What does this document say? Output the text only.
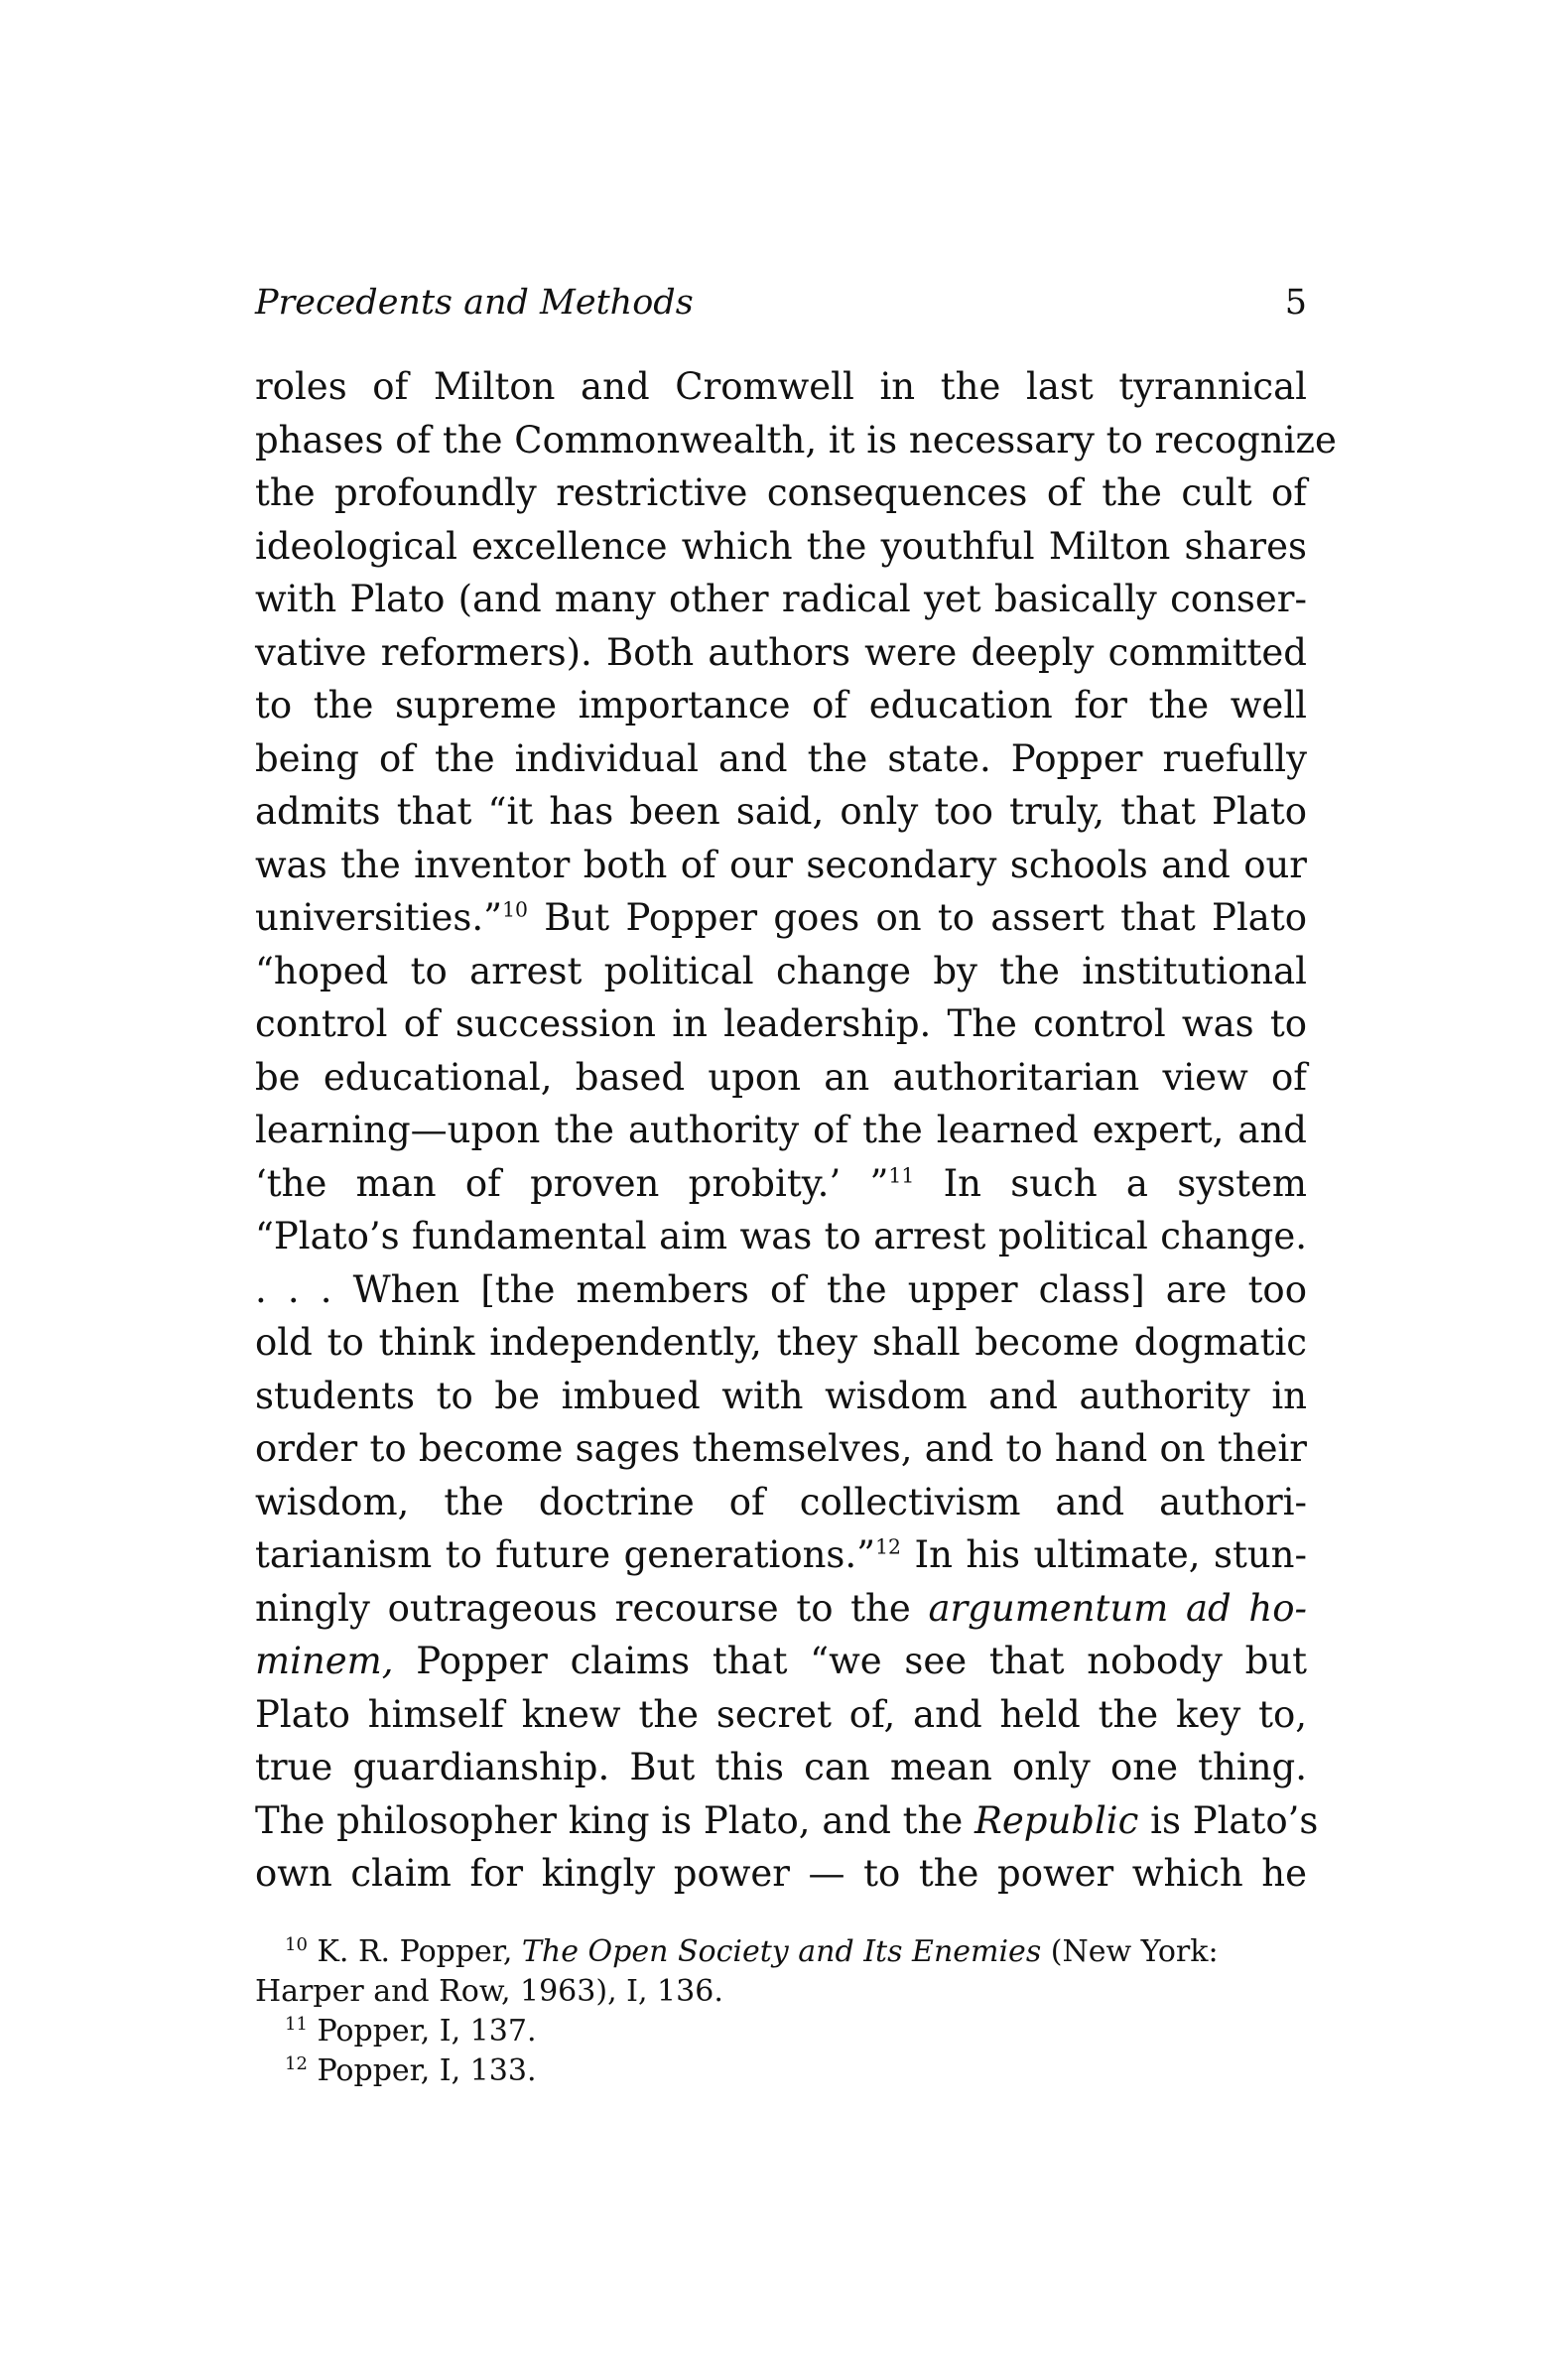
Precedents and Methods	5
roles of Milton and Cromwell in the last tyrannical
phases of the Commonwealth, it is necessary to recognize
the profoundly restrictive consequences of the cult of
ideological excellence which the youthful Milton shares
with Plato (and many other radical yet basically conser-
vative reformers). Both authors were deeply committed
to the supreme importance of education for the well
being of the individual and the state. Popper ruefully
admits that “it has been said, only too truly, that Plato
was the inventor both of our secondary schools and our
universities.”$^{10}$ But Popper goes on to assert that Plato
“hoped to arrest political change by the institutional
control of succession in leadership. The control was to
be educational, based upon an authoritarian view of
learning—upon the authority of the learned expert, and
‘the man of proven probity.’ ”$^{11}$ In such a system
“Plato’s fundamental aim was to arrest political change.
. . . When [the members of the upper class] are too
old to think independently, they shall become dogmatic
students to be imbued with wisdom and authority in
order to become sages themselves, and to hand on their
wisdom, the doctrine of collectivism and authori-
tarianism to future generations.”$^{12}$ In his ultimate, stun-
ningly outrageous recourse to the argumentum ad ho-
minem, Popper claims that “we see that nobody but
Plato himself knew the secret of, and held the key to,
true guardianship. But this can mean only one thing.
The philosopher king is Plato, and the Republic is Plato’s
own claim for kingly power — to the power which he
$^{10}$ K. R. Popper, The Open Society and Its Enemies (New York:
Harper and Row, 1963), I, 136.
$^{11}$ Popper, I, 137.
$^{12}$ Popper, I, 133.
